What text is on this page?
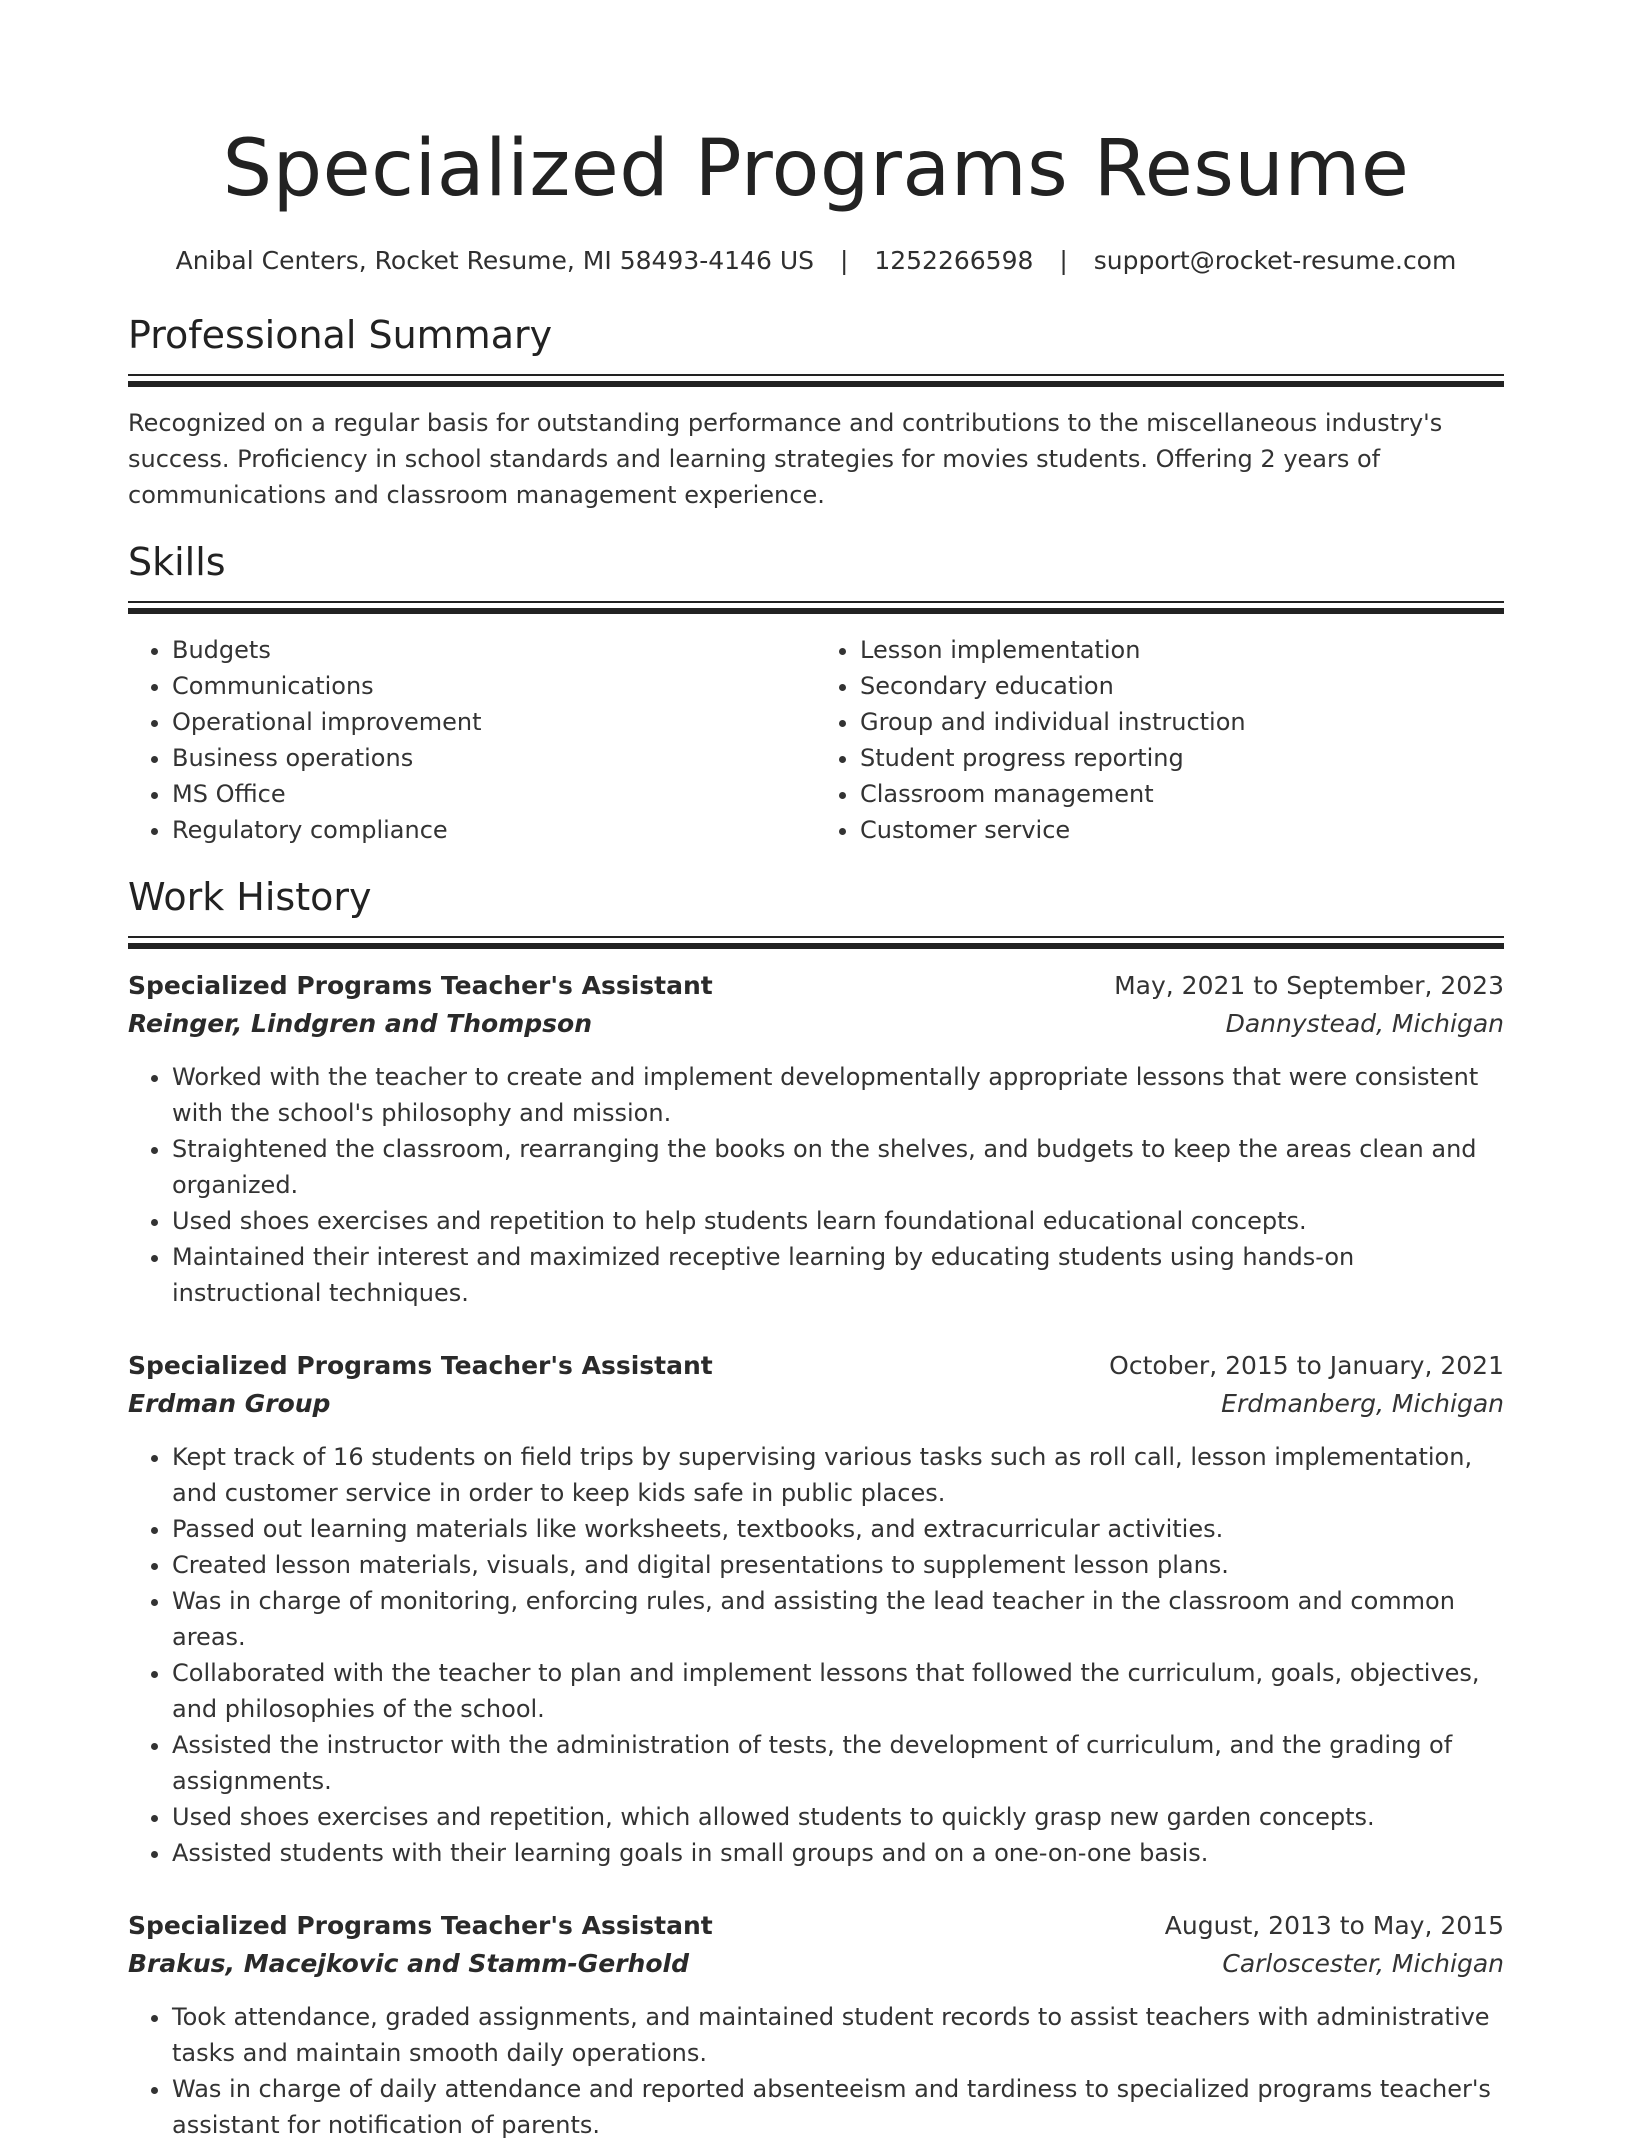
Specialized Programs Resume
Anibal Centers, Rocket Resume, MI 58493-4146 US | 1252266598 | support@rocket-resume.com
Professional Summary

Recognized on a regular basis for outstanding performance and contributions to the miscellaneous industry's success. Proficiency in school standards and learning strategies for movies students. Offering 2 years of communications and classroom management experience.

Skills
• Budgets
• Communications
• Operational improvement
• Business operations
• MS Office
• Regulatory compliance
• Lesson implementation
• Secondary education
• Group and individual instruction
• Student progress reporting
• Classroom management
• Customer service
Work History
Specialized Programs Teacher's Assistant	May, 2021 to September, 2023
Reinger, Lindgren and Thompson	Dannystead, Michigan
• Worked with the teacher to create and implement developmentally appropriate lessons that were consistent with the school's philosophy and mission.
• Straightened the classroom, rearranging the books on the shelves, and budgets to keep the areas clean and organized.
• Used shoes exercises and repetition to help students learn foundational educational concepts.
• Maintained their interest and maximized receptive learning by educating students using hands-on instructional techniques.
Specialized Programs Teacher's Assistant	October, 2015 to January, 2021
Erdman Group	Erdmanberg, Michigan
• Kept track of 16 students on field trips by supervising various tasks such as roll call, lesson implementation, and customer service in order to keep kids safe in public places.
• Passed out learning materials like worksheets, textbooks, and extracurricular activities.
• Created lesson materials, visuals, and digital presentations to supplement lesson plans.
• Was in charge of monitoring, enforcing rules, and assisting the lead teacher in the classroom and common areas.
• Collaborated with the teacher to plan and implement lessons that followed the curriculum, goals, objectives, and philosophies of the school.
• Assisted the instructor with the administration of tests, the development of curriculum, and the grading of assignments.
• Used shoes exercises and repetition, which allowed students to quickly grasp new garden concepts.
• Assisted students with their learning goals in small groups and on a one-on-one basis.
Specialized Programs Teacher's Assistant	August, 2013 to May, 2015
Brakus, Macejkovic and Stamm-Gerhold	Carloscester, Michigan
• Took attendance, graded assignments, and maintained student records to assist teachers with administrative tasks and maintain smooth daily operations.
• Was in charge of daily attendance and reported absenteeism and tardiness to specialized programs teacher's assistant for notification of parents.
